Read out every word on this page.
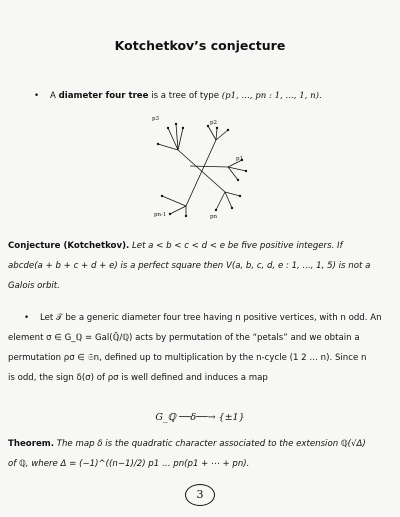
Kotchetkov’s conjecture
• A diameter four tree is a tree of type (p1, ..., pn : 1, ..., 1, n).
p3
p2
p1
pn-1	pn
Conjecture (Kotchetkov). Let a < b < c < d < e be five positive integers. If
abcde(a + b + c + d + e) is a perfect square then V(a, b, c, d, e : 1, ..., 1, 5) is not a
Galois orbit.
• Let 𝒯 be a generic diameter four tree having n positive vertices, with n odd. An
element σ ∈ G_ℚ = Gal(ℚ̄/ℚ) acts by permutation of the “petals” and we obtain a
permutation ρσ ∈ 𝔖n, defined up to multiplication by the n-cycle (1 2 … n). Since n
is odd, the sign δ(σ) of ρσ is well defined and induces a map
G_ℚ ──δ──→ {±1}
Theorem. The map δ is the quadratic character associated to the extension ℚ(√Δ)
of ℚ, where Δ = (−1)^((n−1)/2) p1 … pn(p1 + ⋯ + pn).
3
